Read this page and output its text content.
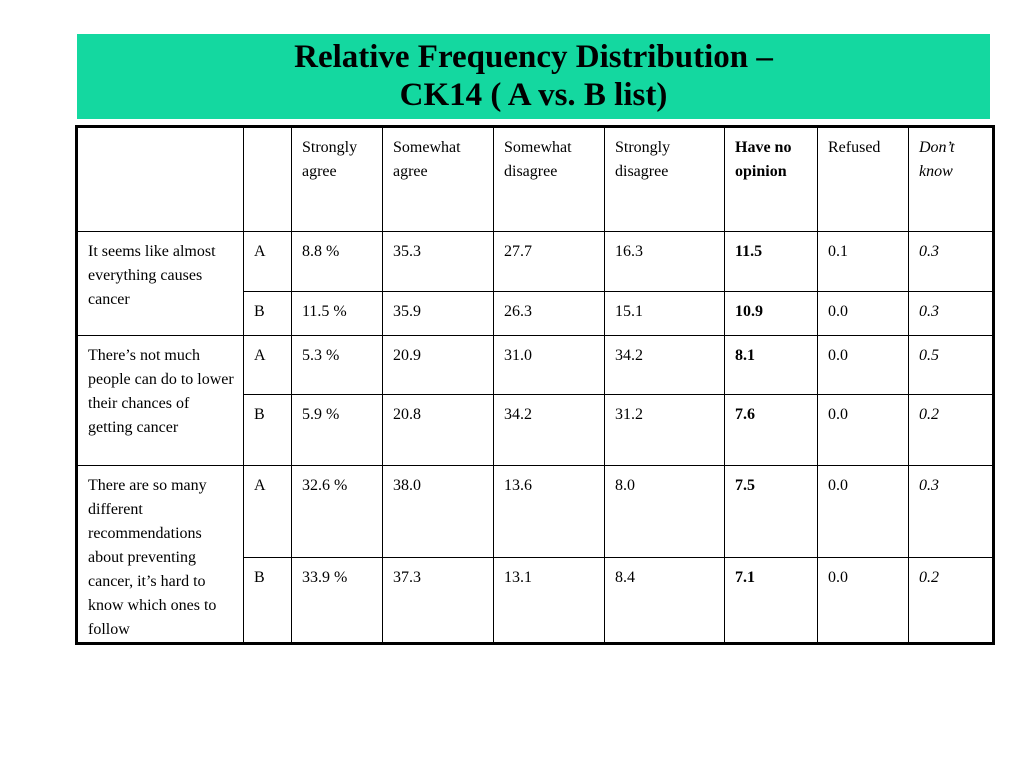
Relative Frequency Distribution –
CK14 ( A vs. B list)
		Strongly agree	Somewhat agree	Somewhat disagree	Strongly disagree	Have no opinion	Refused	Don’t know
It seems like almost everything causes cancer	A	8.8 %	35.3	27.7	16.3	11.5	0.1	0.3
	B	11.5 %	35.9	26.3	15.1	10.9	0.0	0.3
There’s not much people can do to lower their chances of getting cancer	A	5.3 %	20.9	31.0	34.2	8.1	0.0	0.5
	B	5.9 %	20.8	34.2	31.2	7.6	0.0	0.2
There are so many different recommendations about preventing cancer, it’s hard to know which ones to follow	A	32.6 %	38.0	13.6	8.0	7.5	0.0	0.3
	B	33.9 %	37.3	13.1	8.4	7.1	0.0	0.2
